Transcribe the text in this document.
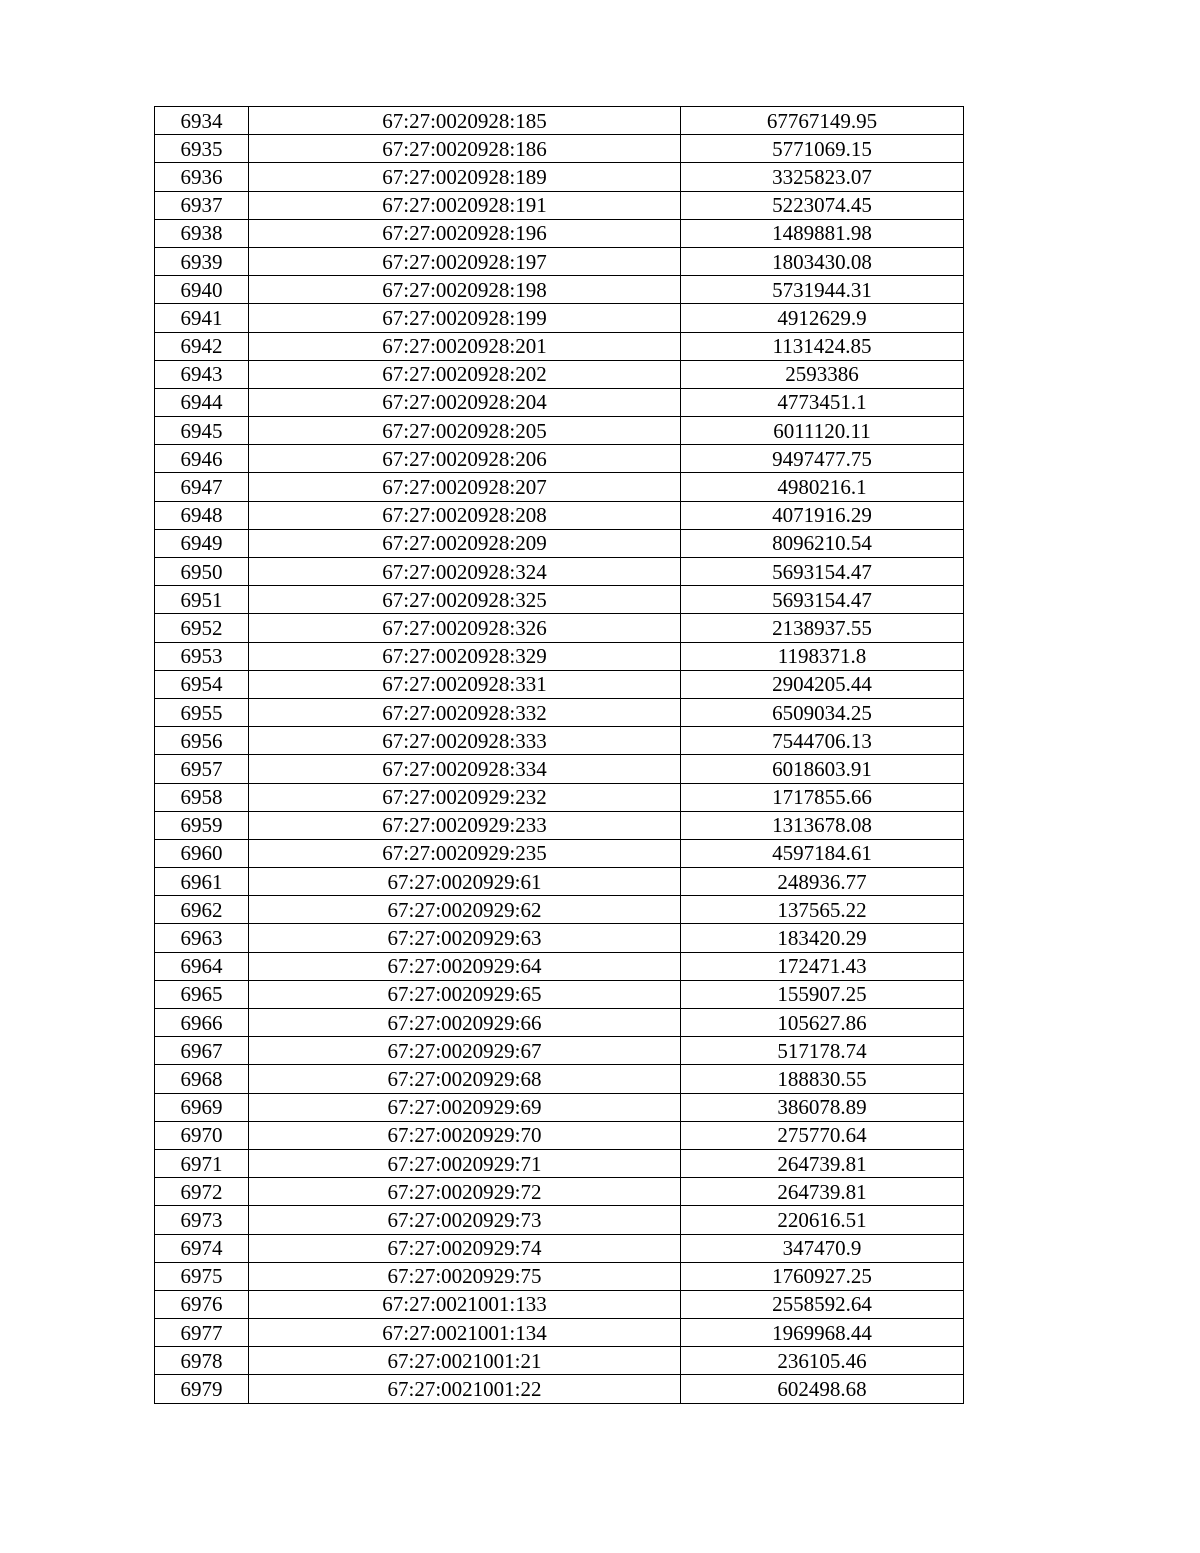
6934	67:27:0020928:185	67767149.95
6935	67:27:0020928:186	5771069.15
6936	67:27:0020928:189	3325823.07
6937	67:27:0020928:191	5223074.45
6938	67:27:0020928:196	1489881.98
6939	67:27:0020928:197	1803430.08
6940	67:27:0020928:198	5731944.31
6941	67:27:0020928:199	4912629.9
6942	67:27:0020928:201	1131424.85
6943	67:27:0020928:202	2593386
6944	67:27:0020928:204	4773451.1
6945	67:27:0020928:205	6011120.11
6946	67:27:0020928:206	9497477.75
6947	67:27:0020928:207	4980216.1
6948	67:27:0020928:208	4071916.29
6949	67:27:0020928:209	8096210.54
6950	67:27:0020928:324	5693154.47
6951	67:27:0020928:325	5693154.47
6952	67:27:0020928:326	2138937.55
6953	67:27:0020928:329	1198371.8
6954	67:27:0020928:331	2904205.44
6955	67:27:0020928:332	6509034.25
6956	67:27:0020928:333	7544706.13
6957	67:27:0020928:334	6018603.91
6958	67:27:0020929:232	1717855.66
6959	67:27:0020929:233	1313678.08
6960	67:27:0020929:235	4597184.61
6961	67:27:0020929:61	248936.77
6962	67:27:0020929:62	137565.22
6963	67:27:0020929:63	183420.29
6964	67:27:0020929:64	172471.43
6965	67:27:0020929:65	155907.25
6966	67:27:0020929:66	105627.86
6967	67:27:0020929:67	517178.74
6968	67:27:0020929:68	188830.55
6969	67:27:0020929:69	386078.89
6970	67:27:0020929:70	275770.64
6971	67:27:0020929:71	264739.81
6972	67:27:0020929:72	264739.81
6973	67:27:0020929:73	220616.51
6974	67:27:0020929:74	347470.9
6975	67:27:0020929:75	1760927.25
6976	67:27:0021001:133	2558592.64
6977	67:27:0021001:134	1969968.44
6978	67:27:0021001:21	236105.46
6979	67:27:0021001:22	602498.68
